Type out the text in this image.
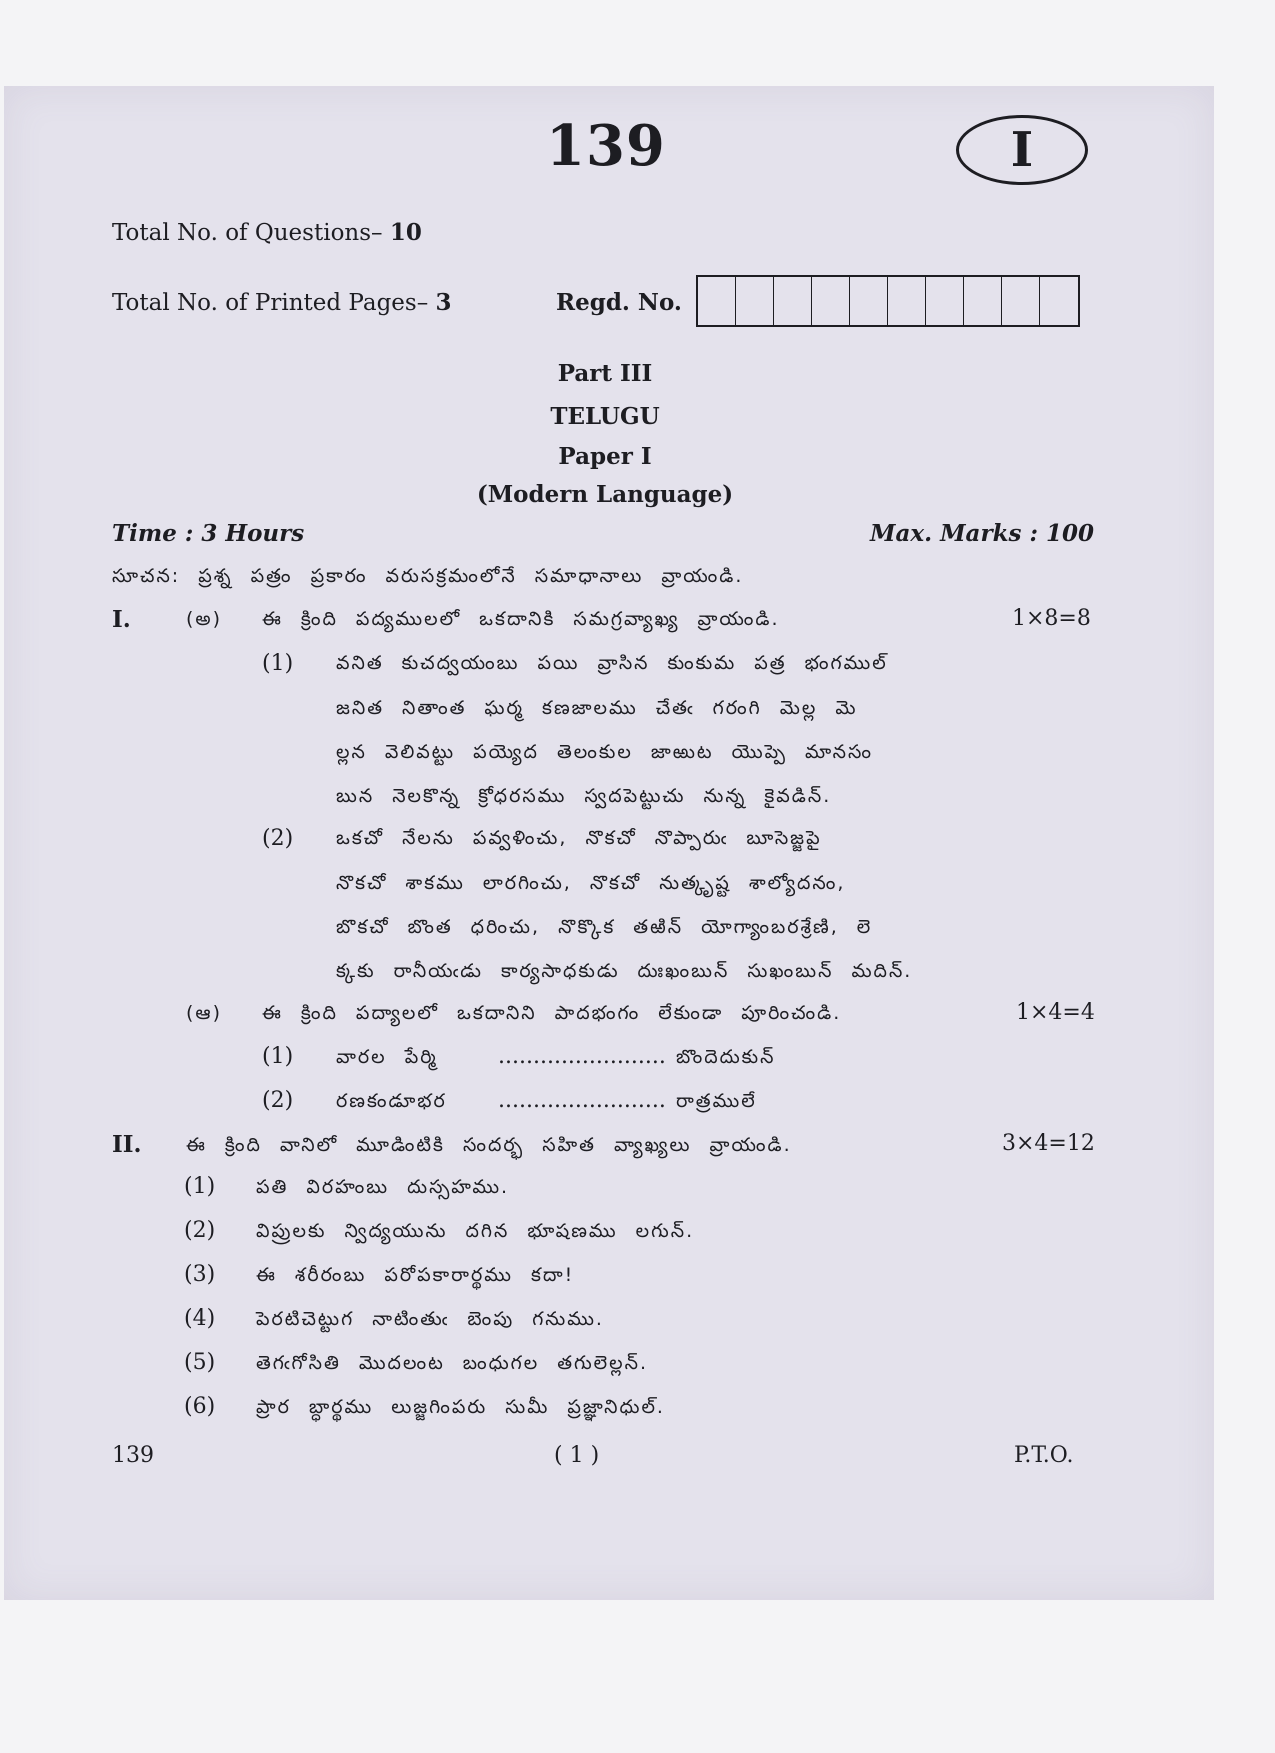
139	I
Total No. of Questions– 10
Total No. of Printed Pages– 3	Regd. No.
Part III
TELUGU
Paper I
(Modern Language)
Time : 3 Hours	Max. Marks : 100
సూచన: ప్రశ్న పత్రం ప్రకారం వరుసక్రమంలోనే సమాధానాలు వ్రాయండి.
I.	(అ) ఈ క్రింది పద్యములలో ఒకదానికి సమగ్రవ్యాఖ్య వ్రాయండి.	1×8=8
(1) వనిత కుచద్వయంబు పయి వ్రాసిన కుంకుమ పత్ర భంగముల్
జనిత నితాంత ఘర్మ కణజాలము చేతఁ గరంగి మెల్ల మె
ల్లన వెలివట్టు పయ్యెద తెలంకుల జాఱుట యొప్పె మానసం
బున నెలకొన్న క్రోధరసము స్వదపెట్టుచు నున్న కైవడిన్.
(2) ఒకచో నేలను పవ్వళించు, నొకచో నొప్పారుఁ బూసెజ్జపై
నొకచో శాకము లారగించు, నొకచో నుత్కృష్ట శాల్యోదనం,
బొకచో బొంత ధరించు, నొక్కొక తఱిన్ యోగ్యాంబరశ్రేణి, లె
క్కకు రానీయఁడు కార్యసాధకుడు దుఃఖంబున్ సుఖంబున్ మదిన్.
(ఆ) ఈ క్రింది పద్యాలలో ఒకదానిని పాదభంగం లేకుండా పూరించండి.	1×4=4
(1) వారల పేర్మి	........................ బొందెదుకున్
(2) రణకండూభర ........................ రాత్రములే
II. ఈ క్రింది వానిలో మూడింటికి సందర్భ సహిత వ్యాఖ్యలు వ్రాయండి.	3×4=12
(1) పతి విరహంబు దుస్సహము.
(2) విప్రులకు న్విద్యయును దగిన భూషణము లగున్.
(3) ఈ శరీరంబు పరోపకారార్థము కదా!
(4) పెరటిచెట్టుగ నాటింతుఁ బెంపు గనుము.
(5) తెగఁగోసితి మొదలంట బంధుగల తగులెల్లన్.
(6) ప్రార బ్ధార్థము లుజ్జగింపరు సుమీ ప్రజ్ఞానిధుల్.
139	( 1 )	P.T.O.
